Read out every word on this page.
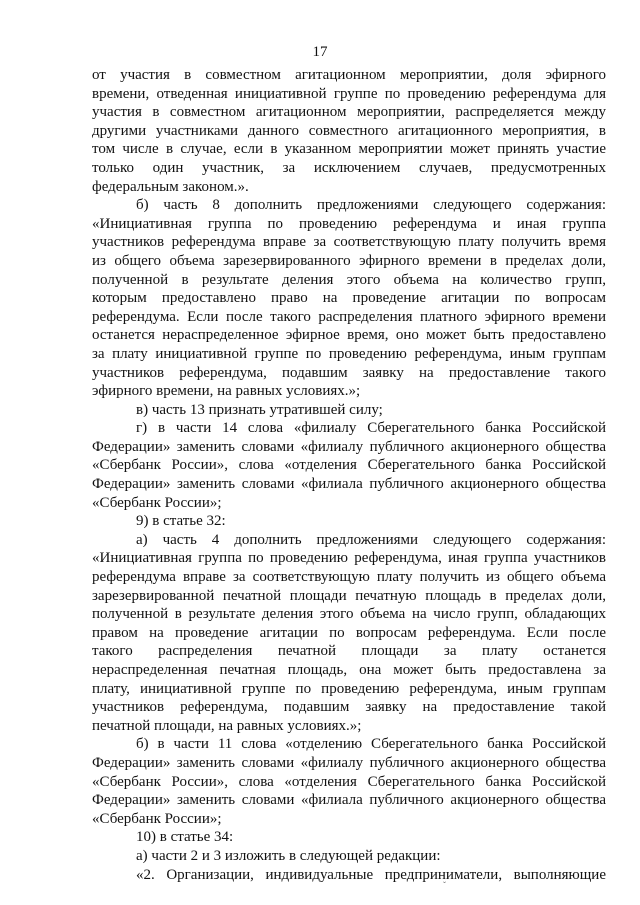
17
от участия в совместном агитационном мероприятии, доля эфирного
времени, отведенная инициативной группе по проведению референдума для
участия в совместном агитационном мероприятии, распределяется между
другими участниками данного совместного агитационного мероприятия, в
том числе в случае, если в указанном мероприятии может принять участие
только один участник, за исключением случаев, предусмотренных
федеральным законом.».
б) часть 8 дополнить предложениями следующего содержания:
«Инициативная группа по проведению референдума и иная группа
участников референдума вправе за соответствующую плату получить время
из общего объема зарезервированного эфирного времени в пределах доли,
полученной в результате деления этого объема на количество групп,
которым предоставлено право на проведение агитации по вопросам
референдума. Если после такого распределения платного эфирного времени
останется нераспределенное эфирное время, оно может быть предоставлено
за плату инициативной группе по проведению референдума, иным группам
участников референдума, подавшим заявку на предоставление такого
эфирного времени, на равных условиях.»;
в) часть 13 признать утратившей силу;
г) в части 14 слова «филиалу Сберегательного банка Российской
Федерации» заменить словами «филиалу публичного акционерного общества
«Сбербанк России», слова «отделения Сберегательного банка Российской
Федерации» заменить словами «филиала публичного акционерного общества
«Сбербанк России»;
9) в статье 32:
а) часть 4 дополнить предложениями следующего содержания:
«Инициативная группа по проведению референдума, иная группа участников
референдума вправе за соответствующую плату получить из общего объема
зарезервированной печатной площади печатную площадь в пределах доли,
полученной в результате деления этого объема на число групп, обладающих
правом на проведение агитации по вопросам референдума. Если после
такого распределения печатной площади за плату останется
нераспределенная печатная площадь, она может быть предоставлена за
плату, инициативной группе по проведению референдума, иным группам
участников референдума, подавшим заявку на предоставление такой
печатной площади, на равных условиях.»;
б) в части 11 слова «отделению Сберегательного банка Российской
Федерации» заменить словами «филиалу публичного акционерного общества
«Сбербанк России», слова «отделения Сберегательного банка Российской
Федерации» заменить словами «филиала публичного акционерного общества
«Сбербанк России»;
10) в статье 34:
а) части 2 и 3 изложить в следующей редакции:
«2. Организации, индивидуальные предприниматели, выполняющие
ˇ
